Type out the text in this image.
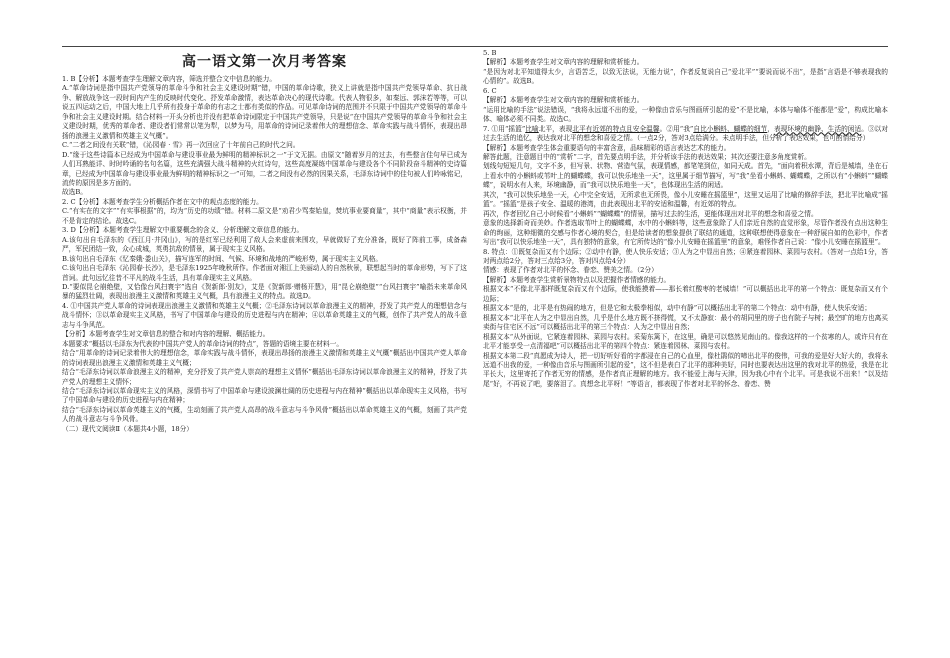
高一语文第一次月考答案

1. B【分析】本题考查学生理解文章内容，筛选并整合文中信息的能力。

A.“革命诗词是指中国共产党领导的革命斗争和社会主义建设时期”错，中国的革命诗歌，狭义上讲就是指中国共产党领导革命、抗日战争、解放战争这一段时间内产生的反映时代变化、抒发革命激情，表达革命决心的现代诗歌。代表人物很多，如秦远、郭沫若等等，可以说五四运动之后，中国大地上几乎所有投身于革命的有志之士都有类似的作品。可见革命诗词的范围并不只限于中国共产党领导的革命斗争和社会主义建设时期。结合材料一开头分析也并没有把革命诗词限定于中国共产党领导，只是说“在中国共产党领导的革命斗争和社会主义建设时期，优秀的革命者、建设者们常常以笔为犁，以梦为马，用革命的诗词记录着伟大的理想信念、革命实践与战斗情怀，表现出昂扬的浪漫主义激情和英雄主义气概”。

C.“二者之间没有关联”错，《沁园春 · 雪》再一次回应了十年前自己的时代之问。

D.“缘于这些诗篇本已经成为中国革命与建设事业最为鲜明的精神标识之一”于文无据。由原文“随着岁月的过去，有些整言佳句早已成为人们耳熟能详、时时吟诵的名句名篇，这些充满强大战斗精神的火红诗句，这些高度凝练中国革命与建设各个不同阶段奋斗精神的史诗篇章，已经成为中国革命与建设事业最为鲜明的精神标识之一”可知，二者之间没有必然的因果关系，毛泽东诗词中的佳句被人们吟咏铭记，流传的原因是多方面的。

故选B。

2. C【分析】本题考查学生分析概括作者在文中的观点态度的能力。

C.“有实在的文字”“有实事根据”的，均为“历史的功绩”错。材料二原文是“劝君少骂秦始皇，焚坑事业要商量”，其中“商量”表示权衡，并不是肯定的结论。故选C。

3. D【分析】本题考查学生理解文中重要概念的含义、分析理解文章信息的能力。

A.该句出自毛泽东的《西江月·井冈山》，写的是红军已经利用了敌人会来虚前来围攻，早就做好了充分准备，既好了阵前工事，成备森严，军民团结一致，众心成城，英勇抗敌的情景，属于现实主义风格。

B.该句出自毛泽东《忆秦娥·娄山关》，描写连军的时间、气候、环境和战地的严峻形势，属于现实主义风格。

C.该句出自毛泽东《沁园春·长沙》，是毛泽东1925年晚秋所作。作者面对湘江上美丽动人的自然秋景，联想起当时的革命形势，写下了这首词。此句远忆往昔不平凡的战斗生活，具有革命现实主义风格。

D.“要似昆仑崩绝壁，又恰像台风扫寰宇”选自《贺新郎·别友》，艾是《贺新郎·赠杨开慧》，用“昆仑崩绝壁”“台风扫寰宇”喻指未来革命风暴的猛烈壮阔，表现出浪漫主义激情和英雄主义气概，具有浪漫主义的特点。故选D。

4. ①中国共产党人革命的诗词表现出浪漫主义激情和英雄主义气概；②毛泽东诗词以革命浪漫主义的精神，抒发了共产党人的理想信念与战斗情怀；③以革命现实主义风格，书写了中国革命与建设的历史进程与内在精神；④以革命英雄主义的气概，创作了共产党人的战斗意志与斗争风范。

【分析】本题考查学生对文章信息的整合和对内容的理解、概括能力。

本题要求“概括以毛泽东为代表的中国共产党人的革命诗词的特点”，答题的语境主要在材料一。

结合“用革命的诗词记录着伟大的理想信念，革命实践与战斗情怀，表现出昂扬的浪漫主义激情和英雄主义气概”概括出中国共产党人革命的诗词表现出浪漫主义激情和英雄主义气概；

结合“毛泽东诗词以革命浪漫主义的精神，充分抒发了共产党人崇高的理想主义情怀”概括出毛泽东诗词以革命浪漫主义的精神，抒发了共产党人的理想主义情怀；

结合“毛泽东诗词以革命现实主义的风格，深情书写了中国革命与建设波澜壮阔的历史进程与内在精神”概括出以革命现实主义风格，书写了中国革命与建设的历史进程与内在精神；

结合“毛泽东诗词以革命英雄主义的气概，生动刻画了共产党人高昂的战斗意志与斗争风骨”概括出以革命英雄主义的气概，刻画了共产党人的战斗意志与斗争风骨。

（二）现代文阅读Ⅱ（本题共4小题，18分）

5. B

【解析】本题考查学生对文章内容的理解和赏析能力。

“是因为对北平知道得太少，言语苦乏，以致无法说，无能力说”，作者反复说自己“爱北平”“要说而说不出”，是指“言语是不够表现我的心情的”。故选B。

6. C

【解析】本题考查学生对文章内容的理解和赏析能力。

“运用比喻的手法”说法错误，“我将永远道不出的爱，一种像由音乐与图画所引起的爱”不是比喻，本体与喻体不能都是“爱”，构成比喻本体、喻体必须不同类。故选C。

7. ①用“摇篮”比喻北平，表现北平有近郊的特点且安全温馨。②用“我”自比小蝌蚪、蝴蝶的细节，表现环境的幽静、生活的闲适。③以对过去生活的追忆，表达我对北平的想念和喜爱之情。（一点2分，答对3点给满分。未点明手法，但分析了表达效果，也可酌情给分）

【解析】本题考查学生体会重要语句的丰富含意，品味精彩的语言表达艺术的能力。

解答此题，注意题目中的“赏析”二字，首先要点明手法，并分析该手法的表达效果；其次还要注意多角度赏析。

划线句短短几句，文字不多，但写景、状物、营造气氛，表现情感，都笔笔到位，如同天成。首先，“面向着积水潭，背后是城墙，坐在石上看水中的小蝌蚪或苇叶上的蝴蝶蝶，我可以快乐地坐一天”，这里属于细节描写，写“我”坐看小蝌蚪、蝴蝶蝶，之所以有“小蝌蚪”“蝴蝶蝶”，说明水有人来，环境幽静，而“我可以快乐地坐一天”，也体现出生活的闲适。

其次，“我可以快乐地坐一天，心中完全安适，无所求也无所畏，像小儿安睡在摇篮里”，这里又运用了比喻的修辞手法，把北平比喻成“摇篮”。“摇篮”是孩子安全、温暖的港湾，由此表现出北平的安适和温馨，有近郊的特点。

再次，作者回忆自己小时候看“小蝌蚪”“蝴蝶蝶”的情景，描写过去的生活，更能体现出对北平的想念和喜爱之情。

意象的选择新奇而美妙。作者选取苇叶上的蝴蝶蝶，水中的小蝌蚪等，这些意象除了人们亲近自然的直觉形象，尽管作者没有点出这种生命的绚丽，这种细微的交感与作者心境的契合，但是给读者的想象提供了联结的通道，这种联想使得意象在一种舒展自如的色彩中，作者写出“我可以快乐地坐一天”，具有独特的意象，有它所传达的“像小儿安睡在摇篮里”的意象，难怪作者自己说：“像小儿安睡在摇篮里”。

8. 特点：①既复杂而又有个边际；②动中有静，使人快乐安适；③人为之中显出自然；④紧连着园林、菜园与农村。（答对一点给1分，答对两点给2分，答对三点给3分，答对四点给4分）

情感：表现了作者对北平的怀念、眷恋、赞美之情。（2分）

【解析】本题考查学生赏析景物特点以及把握作者情感的能力。

根据文本“不像北平那样既复杂而又有个边际，使我能摸着——那长着红酸枣的老城墙！”可以概括出北平的第一个特点：既复杂而又有个边际；

根据文本“是的，北平是有热闹的地方，但是它和太极拳相似，动中有静”可以概括出北平的第二个特点：动中有静，使人快乐安适；

根据文本“北平在人为之中显出自然，几乎是什么地方既不挤得慌，又不太静寂：最小的胡同里的房子也有院子与树；最空旷的地方也离买卖街与住宅区不远”可以概括出北平的第三个特点：人为之中显出自然；

根据文本“从外面说，它紧连着园林、菜园与农村。采菊东篱下，在这里，确是可以悠然见南山的。像我这样的一个贫寒的人，或许只有在北平才能享受一点清福吧”可以概括出北平的第四个特点：紧连着园林、菜园与农村。

根据文本第二段“真愿成为诗人，把一切好听好看的字都浸在自己的心血里，像杜鹃似的啼出北平的俊伟，可我的爱是好大好大的，我将永远道不出我的爱，一种像由音乐与图画所引起的爱”，这不但是表白了北平的那种美好，同时也要表达出这里的我对北平的热爱，我是在北平长大，这里寄托了作者无穷的情感，是作者真正理解的地方。我不能爱上海与天津，因为我心中有个北平。可是我说不出来！”以及结尾“好，不再说了吧，要落泪了。真想念北平呀！”等语言，都表现了作者对北平的怀念、眷恋、赞
